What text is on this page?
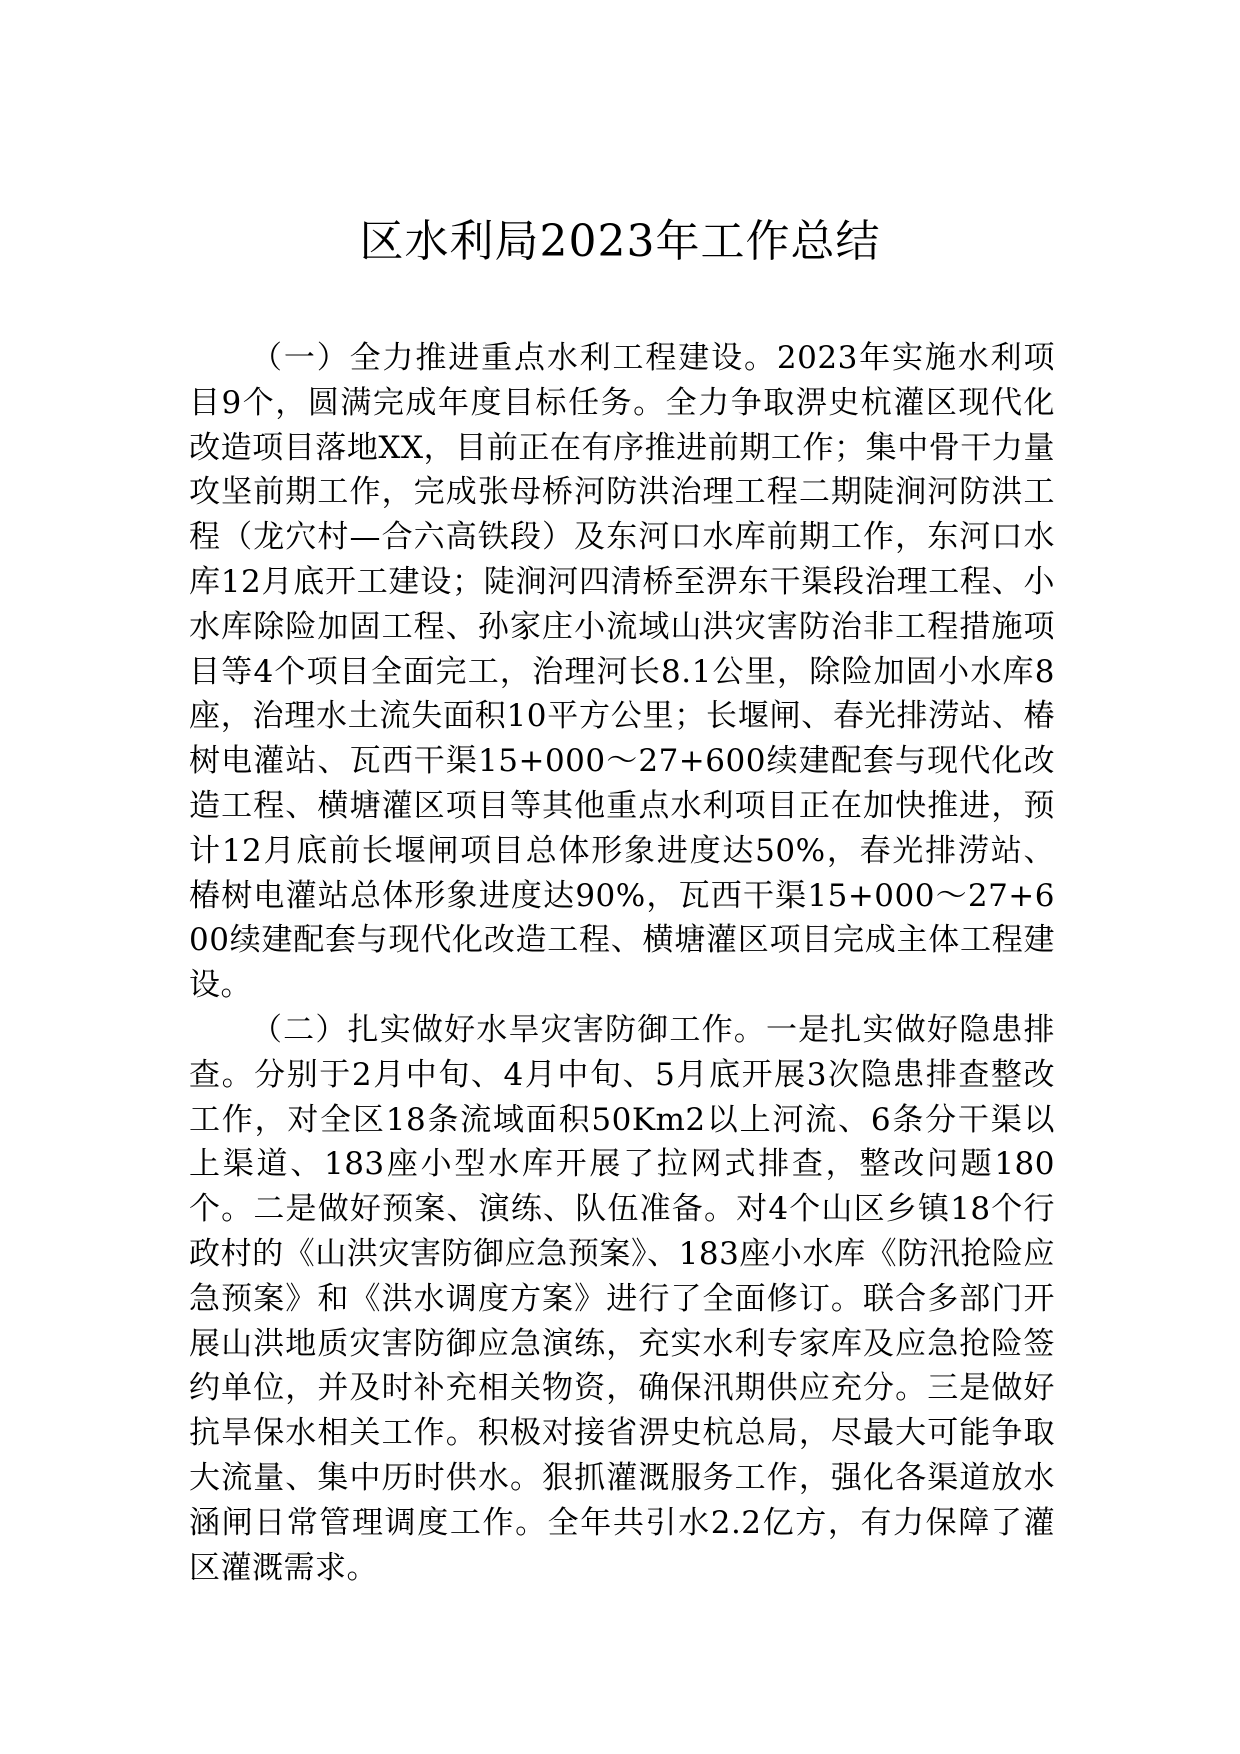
区水利局2023年工作总结

（一）全力推进重点水利工程建设。2023年实施水利项目9个，圆满完成年度目标任务。全力争取淠史杭灌区现代化改造项目落地XX，目前正在有序推进前期工作；集中骨干力量攻坚前期工作，完成张母桥河防洪治理工程二期陡涧河防洪工程（龙穴村—合六高铁段）及东河口水库前期工作，东河口水库12月底开工建设；陡涧河四清桥至淠东干渠段治理工程、小水库除险加固工程、孙家庄小流域山洪灾害防治非工程措施项目等4个项目全面完工，治理河长8.1公里，除险加固小水库8座，治理水土流失面积10平方公里；长堰闸、春光排涝站、椿树电灌站、瓦西干渠15+000～27+600续建配套与现代化改造工程、横塘灌区项目等其他重点水利项目正在加快推进，预计12月底前长堰闸项目总体形象进度达50%，春光排涝站、椿树电灌站总体形象进度达90%，瓦西干渠15+000～27+600续建配套与现代化改造工程、横塘灌区项目完成主体工程建设。

（二）扎实做好水旱灾害防御工作。一是扎实做好隐患排查。分别于2月中旬、4月中旬、5月底开展3次隐患排查整改工作，对全区18条流域面积50Km2以上河流、6条分干渠以上渠道、183座小型水库开展了拉网式排查，整改问题180个。二是做好预案、演练、队伍准备。对4个山区乡镇18个行政村的《山洪灾害防御应急预案》、183座小水库《防汛抢险应急预案》和《洪水调度方案》进行了全面修订。联合多部门开展山洪地质灾害防御应急演练，充实水利专家库及应急抢险签约单位，并及时补充相关物资，确保汛期供应充分。三是做好抗旱保水相关工作。积极对接省淠史杭总局，尽最大可能争取大流量、集中历时供水。狠抓灌溉服务工作，强化各渠道放水涵闸日常管理调度工作。全年共引水2.2亿方，有力保障了灌区灌溉需求。
